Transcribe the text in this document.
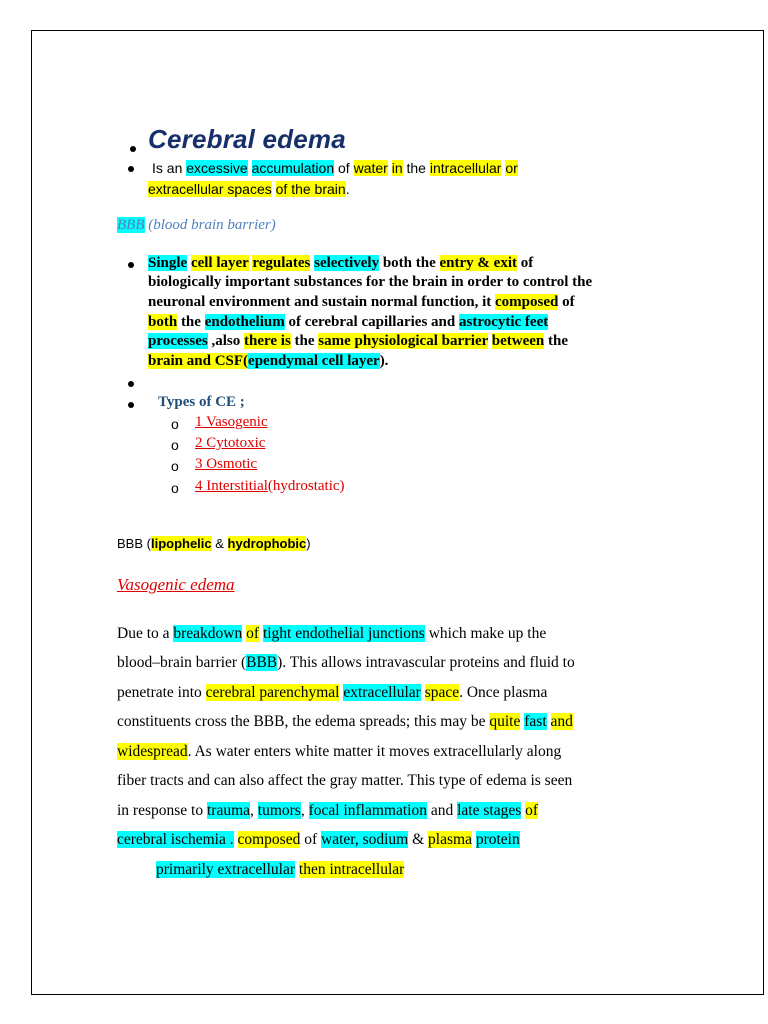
Cerebral edema
Is an excessive accumulation of water in the intracellular or
extracellular spaces of the brain.
BBB (blood brain barrier)
Single cell layer regulates selectively both the entry & exit of
biologically important substances for the brain in order to control the
neuronal environment and sustain normal function, it composed of
both the endothelium of cerebral capillaries and astrocytic feet
processes ,also there is the same physiological barrier between the
brain and CSF(ependymal cell layer).
Types of CE ;
o 1 Vasogenic
o 2 Cytotoxic
o 3 Osmotic
o 4 Interstitial(hydrostatic)
BBB (lipophelic & hydrophobic)
Vasogenic edema
Due to a breakdown of tight endothelial junctions which make up the
blood–brain barrier (BBB). This allows intravascular proteins and fluid to
penetrate into cerebral parenchymal extracellular space. Once plasma
constituents cross the BBB, the edema spreads; this may be quite fast and
widespread. As water enters white matter it moves extracellularly along
fiber tracts and can also affect the gray matter. This type of edema is seen
in response to trauma, tumors, focal inflammation and late stages of
cerebral ischemia . composed of water, sodium & plasma protein
primarily extracellular then intracellular
